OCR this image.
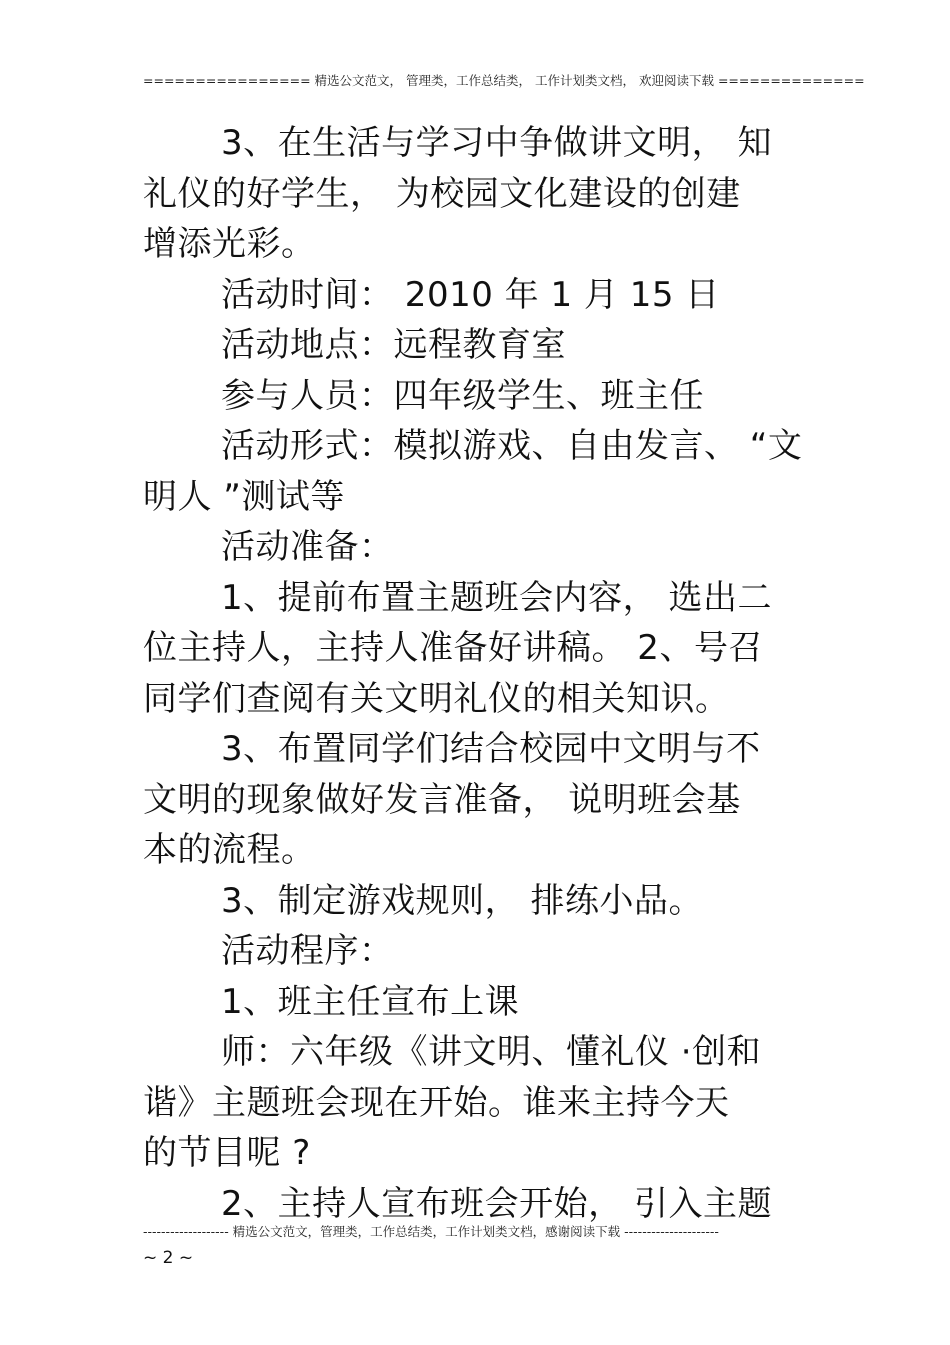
================ 精选公文范文， 管理类，工作总结类， 工作计划类文档， 欢迎阅读下载 ==============
3、在生活与学习中争做讲文明， 知
礼仪的好学生， 为校园文化建设的创建
增添光彩。
活动时间： 2010 年 1 月 15 日
活动地点：远程教育室
参与人员：四年级学生、班主任
活动形式：模拟游戏、自由发言、 “文
明人 ”测试等
活动准备：
1、提前布置主题班会内容， 选出二
位主持人，主持人准备好讲稿。 2、号召
同学们查阅有关文明礼仪的相关知识。
3、布置同学们结合校园中文明与不
文明的现象做好发言准备， 说明班会基
本的流程。
3、制定游戏规则， 排练小品。
活动程序：
1、班主任宣布上课
师：六年级《讲文明、懂礼仪 ·创和
谐》主题班会现在开始。谁来主持今天
的节目呢 ?
2、主持人宣布班会开始， 引入主题
------------------- 精选公文范文，管理类，工作总结类，工作计划类文档，感谢阅读下载 ---------------------
~ 2 ~
